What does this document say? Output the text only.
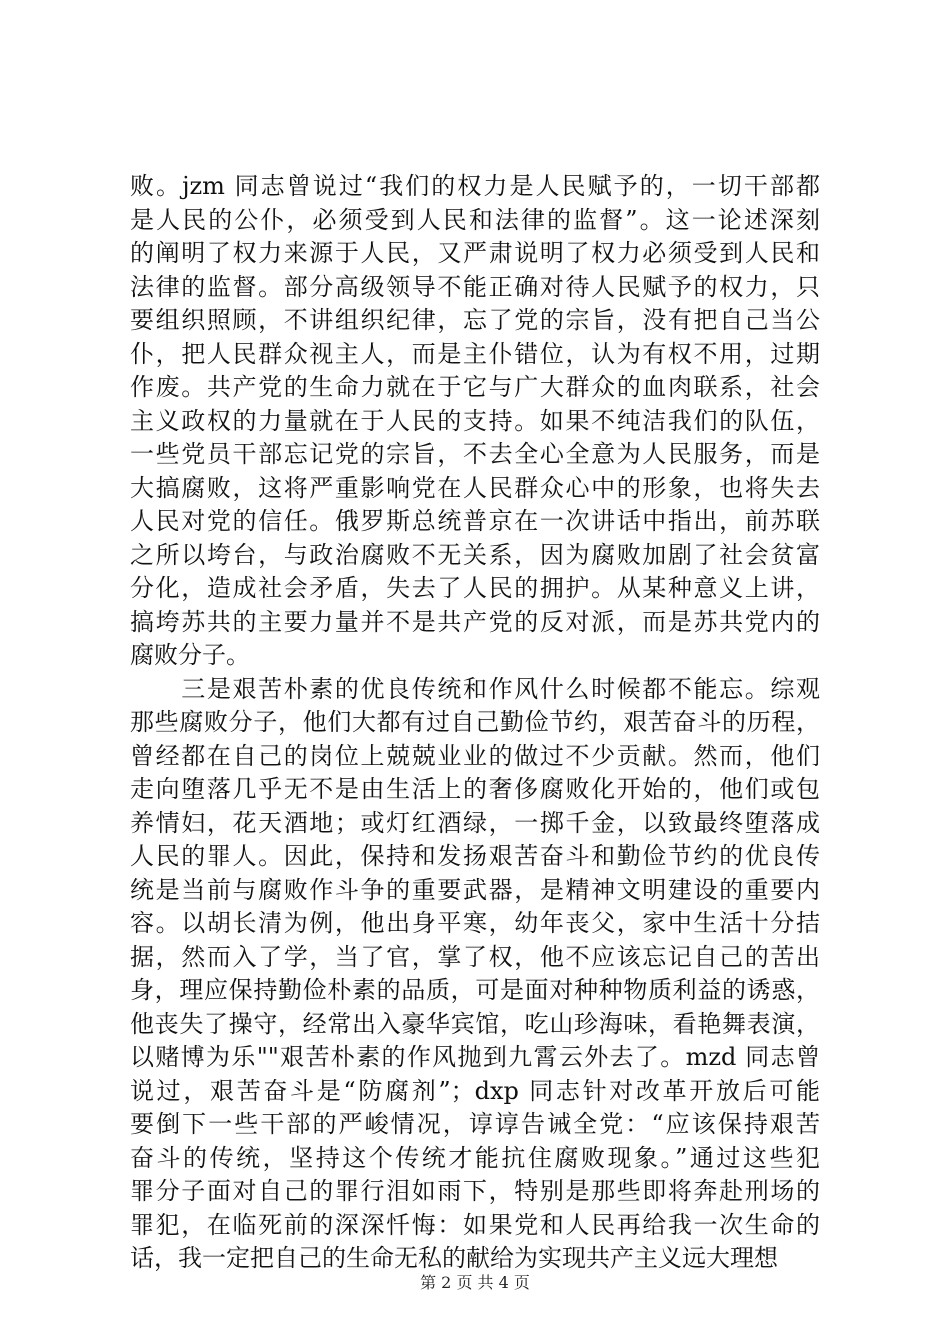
败。jzm 同志曾说过“我们的权力是人民赋予的，一切干部都
是人民的公仆，必须受到人民和法律的监督”。这一论述深刻
的阐明了权力来源于人民，又严肃说明了权力必须受到人民和
法律的监督。部分高级领导不能正确对待人民赋予的权力，只
要组织照顾，不讲组织纪律，忘了党的宗旨，没有把自己当公
仆，把人民群众视主人，而是主仆错位，认为有权不用，过期
作废。共产党的生命力就在于它与广大群众的血肉联系，社会
主义政权的力量就在于人民的支持。如果不纯洁我们的队伍，
一些党员干部忘记党的宗旨，不去全心全意为人民服务，而是
大搞腐败，这将严重影响党在人民群众心中的形象，也将失去
人民对党的信任。俄罗斯总统普京在一次讲话中指出，前苏联
之所以垮台，与政治腐败不无关系，因为腐败加剧了社会贫富
分化，造成社会矛盾，失去了人民的拥护。从某种意义上讲，
搞垮苏共的主要力量并不是共产党的反对派，而是苏共党内的
腐败分子。
　　三是艰苦朴素的优良传统和作风什么时候都不能忘。综观
那些腐败分子，他们大都有过自己勤俭节约，艰苦奋斗的历程，
曾经都在自己的岗位上兢兢业业的做过不少贡献。然而，他们
走向堕落几乎无不是由生活上的奢侈腐败化开始的，他们或包
养情妇，花天酒地；或灯红酒绿，一掷千金，以致最终堕落成
人民的罪人。因此，保持和发扬艰苦奋斗和勤俭节约的优良传
统是当前与腐败作斗争的重要武器，是精神文明建设的重要内
容。以胡长清为例，他出身平寒，幼年丧父，家中生活十分拮
据，然而入了学，当了官，掌了权，他不应该忘记自己的苦出
身，理应保持勤俭朴素的品质，可是面对种种物质利益的诱惑，
他丧失了操守，经常出入豪华宾馆，吃山珍海味，看艳舞表演，
以赌博为乐""艰苦朴素的作风抛到九霄云外去了。mzd 同志曾
说过，艰苦奋斗是“防腐剂”；dxp 同志针对改革开放后可能
要倒下一些干部的严峻情况，谆谆告诫全党：“应该保持艰苦
奋斗的传统，坚持这个传统才能抗住腐败现象。”通过这些犯
罪分子面对自己的罪行泪如雨下，特别是那些即将奔赴刑场的
罪犯，在临死前的深深忏悔：如果党和人民再给我一次生命的
话，我一定把自己的生命无私的献给为实现共产主义远大理想
第 2 页 共 4 页
